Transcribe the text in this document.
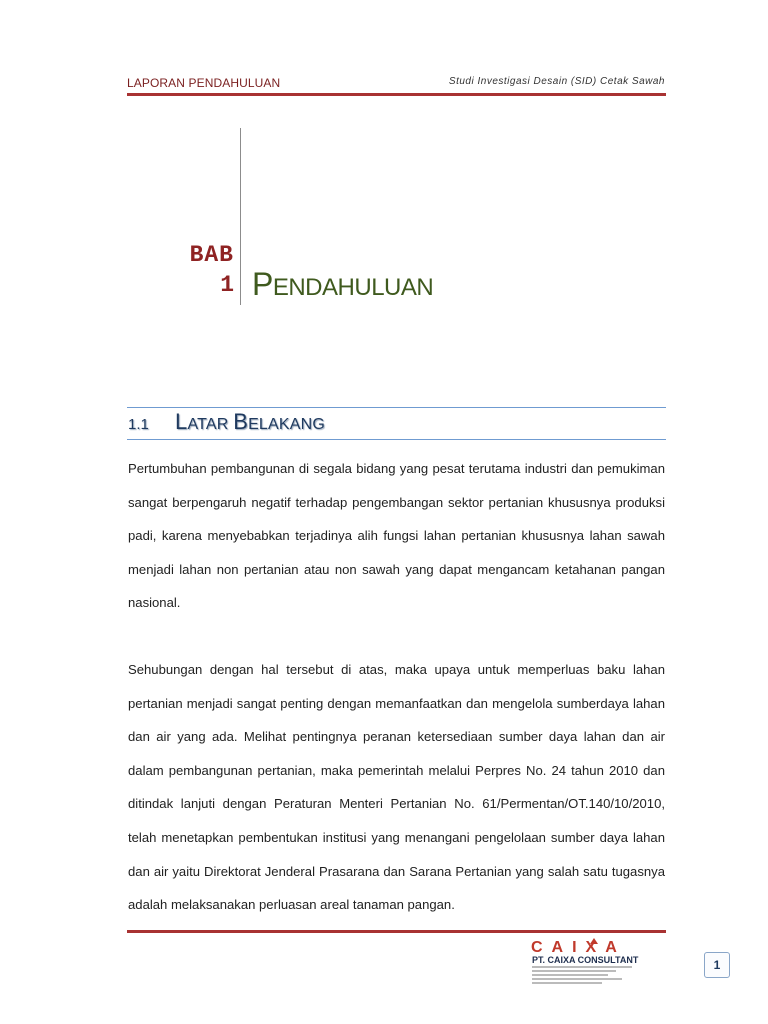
LAPORAN PENDAHULUAN	Studi Investigasi Desain (SID) Cetak Sawah
BAB
1 PENDAHULUAN
1.1 LATAR BELAKANG
Pertumbuhan pembangunan di segala bidang yang pesat terutama industri dan pemukiman sangat berpengaruh negatif terhadap pengembangan sektor pertanian khususnya produksi padi, karena menyebabkan terjadinya alih fungsi lahan pertanian khususnya lahan sawah menjadi lahan non pertanian atau non sawah yang dapat mengancam ketahanan pangan nasional.
Sehubungan dengan hal tersebut di atas, maka upaya untuk memperluas baku lahan pertanian menjadi sangat penting dengan memanfaatkan dan mengelola sumberdaya lahan dan air yang ada. Melihat pentingnya peranan ketersediaan sumber daya lahan dan air dalam pembangunan pertanian, maka pemerintah melalui Perpres No. 24 tahun 2010 dan ditindak lanjuti dengan Peraturan Menteri Pertanian No. 61/Permentan/OT.140/10/2010, telah menetapkan pembentukan institusi yang menangani pengelolaan sumber daya lahan dan air yaitu Direktorat Jenderal Prasarana dan Sarana Pertanian yang salah satu tugasnya adalah melaksanakan perluasan areal tanaman pangan.
CAIXA
PT. CAIXA CONSULTANT	1
